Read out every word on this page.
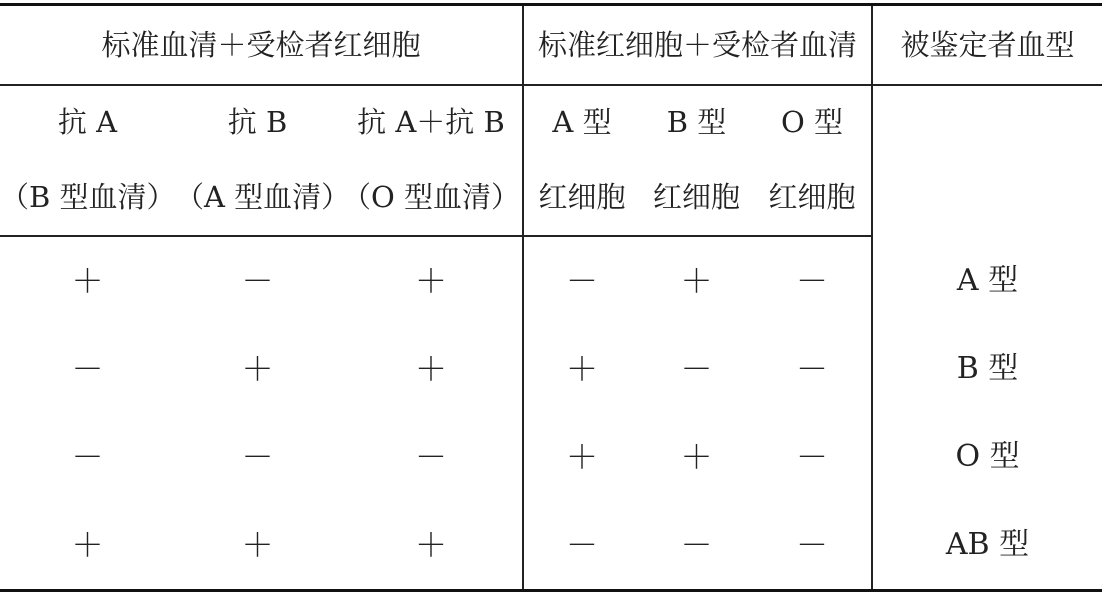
标准血清＋受检者红细胞			标准红细胞＋受检者血清			被鉴定者血型
抗 A	抗 B	抗 A＋抗 B	A 型	B 型	O 型	
（B 型血清）	（A 型血清）	（O 型血清）	红细胞	红细胞	红细胞	
＋	－	＋	－	＋	－	A 型
－	＋	＋	＋	－	－	B 型
－	－	－	＋	＋	－	O 型
＋	＋	＋	－	－	－	AB 型
